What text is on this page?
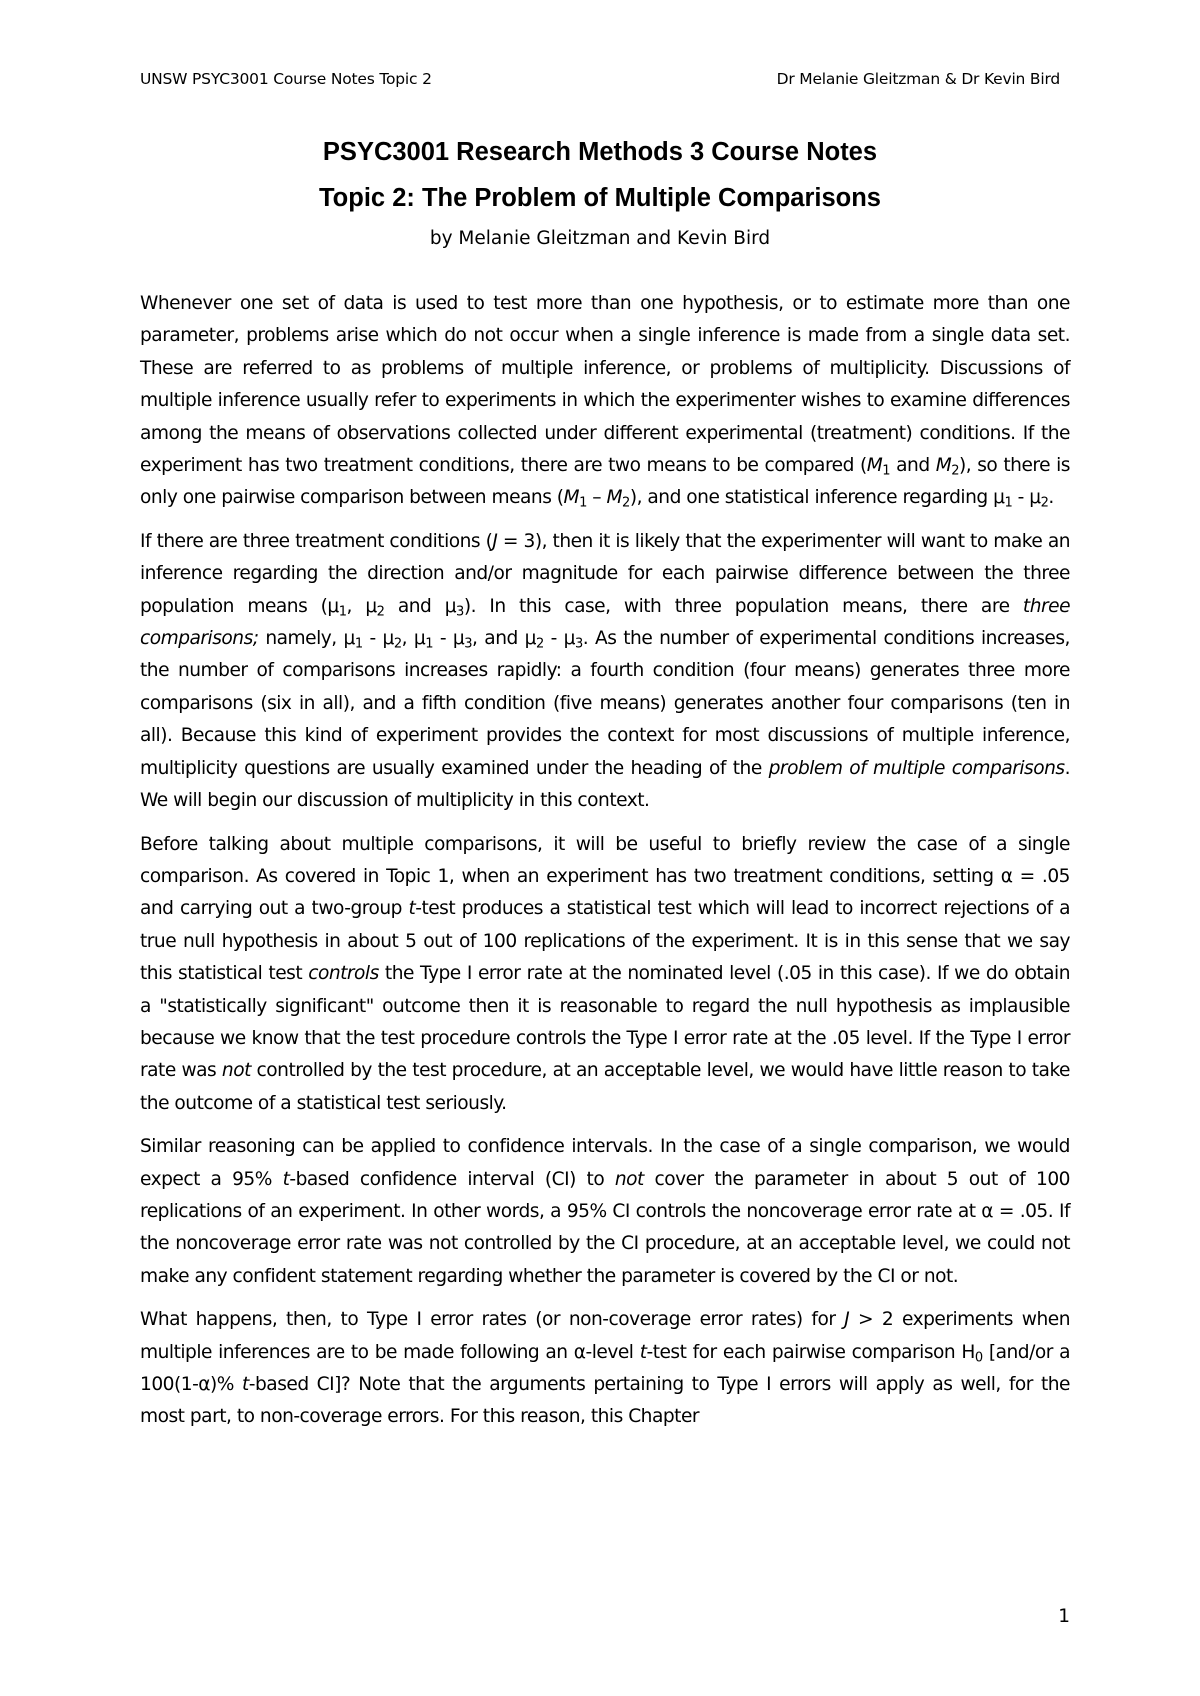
UNSW PSYC3001 Course Notes Topic 2	Dr Melanie Gleitzman & Dr Kevin Bird
PSYC3001 Research Methods 3 Course Notes
Topic 2: The Problem of Multiple Comparisons
by Melanie Gleitzman and Kevin Bird

Whenever one set of data is used to test more than one hypothesis, or to estimate more than one parameter, problems arise which do not occur when a single inference is made from a single data set. These are referred to as problems of multiple inference, or problems of multiplicity. Discussions of multiple inference usually refer to experiments in which the experimenter wishes to examine differences among the means of observations collected under different experimental (treatment) conditions. If the experiment has two treatment conditions, there are two means to be compared ($M_1$ and $M_2$), so there is only one pairwise comparison between means $(M_1 - M_2)$, and one statistical inference regarding $\mu_1 - \mu_2$.

If there are three treatment conditions (J = 3), then it is likely that the experimenter will want to make an inference regarding the direction and/or magnitude for each pairwise difference between the three population means ($\mu_1$, $\mu_2$ and $\mu_3$). In this case, with three population means, there are three comparisons; namely, $\mu_1 - \mu_2$, $\mu_1 - \mu_3$, and $\mu_2 - \mu_3$. As the number of experimental conditions increases, the number of comparisons increases rapidly: a fourth condition (four means) generates three more comparisons (six in all), and a fifth condition (five means) generates another four comparisons (ten in all). Because this kind of experiment provides the context for most discussions of multiple inference, multiplicity questions are usually examined under the heading of the problem of multiple comparisons. We will begin our discussion of multiplicity in this context.

Before talking about multiple comparisons, it will be useful to briefly review the case of a single comparison. As covered in Topic 1, when an experiment has two treatment conditions, setting α = .05 and carrying out a two-group t-test produces a statistical test which will lead to incorrect rejections of a true null hypothesis in about 5 out of 100 replications of the experiment. It is in this sense that we say this statistical test controls the Type I error rate at the nominated level (.05 in this case). If we do obtain a "statistically significant" outcome then it is reasonable to regard the null hypothesis as implausible because we know that the test procedure controls the Type I error rate at the .05 level. If the Type I error rate was not controlled by the test procedure, at an acceptable level, we would have little reason to take the outcome of a statistical test seriously.

Similar reasoning can be applied to confidence intervals. In the case of a single comparison, we would expect a 95% t-based confidence interval (CI) to not cover the parameter in about 5 out of 100 replications of an experiment. In other words, a 95% CI controls the noncoverage error rate at α = .05. If the noncoverage error rate was not controlled by the CI procedure, at an acceptable level, we could not make any confident statement regarding whether the parameter is covered by the CI or not.

What happens, then, to Type I error rates (or non-coverage error rates) for J > 2 experiments when multiple inferences are to be made following an α-level t-test for each pairwise comparison $H_0$ [and/or a 100(1-α)% t-based CI]? Note that the arguments pertaining to Type I errors will apply as well, for the most part, to non-coverage errors. For this reason, this Chapter

1
